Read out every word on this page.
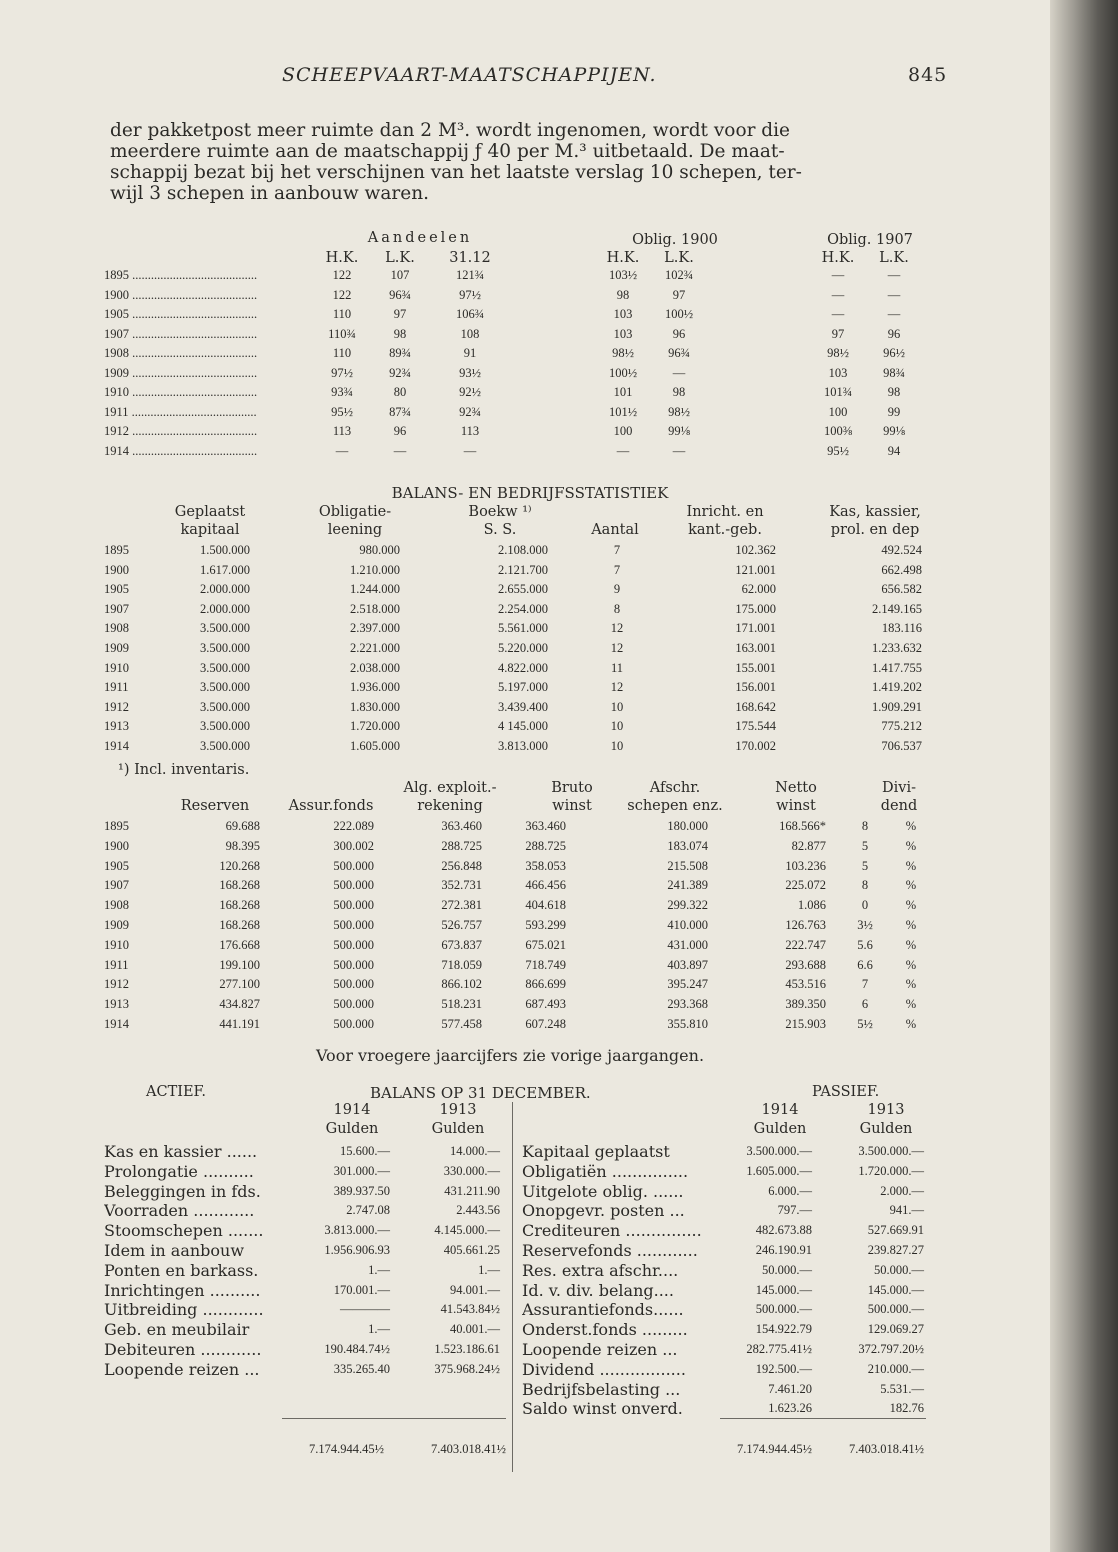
SCHEEPVAART-MAATSCHAPPIJEN.	845
der pakketpost meer ruimte dan 2 M³. wordt ingenomen, wordt voor die
meerdere ruimte aan de maatschappij ƒ 40 per M.³ uitbetaald. De maat-
schappij bezat bij het verschijnen van het laatste verslag 10 schepen, ter-
wijl 3 schepen in aanbouw waren.
Aandeelen	Oblig. 1900	Oblig. 1907
H.K.	L.K.	31.12	H.K.	L.K.	H.K.	L.K.
1895 ........................................	122	107	121¾	103½	102¾	—	—
1900 ........................................	122	96¾	97½	98	97	—	—
1905 ........................................	110	97	106¾	103	100½	—	—
1907 ........................................	110¾	98	108	103	96	97	96
1908 ........................................	110	89¾	91	98½	96¾	98½	96½
1909 ........................................	97½	92¾	93½	100½	—	103	98¾
1910 ........................................	93¾	80	92½	101	98	101¾	98
1911 ........................................	95½	87¾	92¾	101½	98½	100	99
1912 ........................................	113	96	113	100	99⅛	100⅜	99⅛
1914 ........................................	—	—	—	—	—	95½	94
BALANS- EN BEDRIJFSSTATISTIEK
Geplaatst
kapitaal
Obligatie-
leening
Boekw ¹⁾
S. S.	Aantal
Inricht. en
kant.-geb.
Kas, kassier,
prol. en dep
1895	1.500.000	980.000	2.108.000	7	102.362	492.524
1900	1.617.000	1.210.000	2.121.700	7	121.001	662.498
1905	2.000.000	1.244.000	2.655.000	9	62.000	656.582
1907	2.000.000	2.518.000	2.254.000	8	175.000	2.149.165
1908	3.500.000	2.397.000	5.561.000	12	171.001	183.116
1909	3.500.000	2.221.000	5.220.000	12	163.001	1.233.632
1910	3.500.000	2.038.000	4.822.000	11	155.001	1.417.755
1911	3.500.000	1.936.000	5.197.000	12	156.001	1.419.202
1912	3.500.000	1.830.000	3.439.400	10	168.642	1.909.291
1913	3.500.000	1.720.000	4 145.000	10	175.544	775.212
1914	3.500.000	1.605.000	3.813.000	10	170.002	706.537
¹) Incl. inventaris.
Reserven	Assur.fonds
Alg. exploit.-
rekening
Bruto
winst
Afschr.
schepen enz.
Netto
winst
Divi-
dend
1895	69.688	222.089	363.460	363.460	180.000	168.566*	8	%
1900	98.395	300.002	288.725	288.725	183.074	82.877	5	%
1905	120.268	500.000	256.848	358.053	215.508	103.236	5	%
1907	168.268	500.000	352.731	466.456	241.389	225.072	8	%
1908	168.268	500.000	272.381	404.618	299.322	1.086	0	%
1909	168.268	500.000	526.757	593.299	410.000	126.763	3½	%
1910	176.668	500.000	673.837	675.021	431.000	222.747	5.6	%
1911	199.100	500.000	718.059	718.749	403.897	293.688	6.6	%
1912	277.100	500.000	866.102	866.699	395.247	453.516	7	%
1913	434.827	500.000	518.231	687.493	293.368	389.350	6	%
1914	441.191	500.000	577.458	607.248	355.810	215.903	5½	%
Voor vroegere jaarcijfers zie vorige jaargangen.
ACTIEF.	BALANS OP 31 DECEMBER.	PASSIEF.
1914	1913
Gulden	Gulden
1914	1913
Gulden	Gulden
Kas en kassier ......	15.600.—	14.000.—
Prolongatie ..........	301.000.—	330.000.—
Beleggingen in fds.	389.937.50	431.211.90
Voorraden ............	2.747.08	2.443.56
Stoomschepen .......	3.813.000.—	4.145.000.—
Idem in aanbouw	1.956.906.93	405.661.25
Ponten en barkass.	1.—	1.—
Inrichtingen ..........	170.001.—	94.001.—
Uitbreiding ............	————	41.543.84½
Geb. en meubilair	1.—	40.001.—
Debiteuren ............	190.484.74½	1.523.186.61
Loopende reizen ...	335.265.40	375.968.24½
Kapitaal geplaatst	3.500.000.—	3.500.000.—
Obligatiën ...............	1.605.000.—	1.720.000.—
Uitgelote oblig. ......	6.000.—	2.000.—
Onopgevr. posten ...	797.—	941.—
Crediteuren ...............	482.673.88	527.669.91
Reservefonds ............	246.190.91	239.827.27
Res. extra afschr....	50.000.—	50.000.—
Id. v. div. belang....	145.000.—	145.000.—
Assurantiefonds......	500.000.—	500.000.—
Onderst.fonds .........	154.922.79	129.069.27
Loopende reizen ...	282.775.41½	372.797.20½
Dividend .................	192.500.—	210.000.—
Bedrijfsbelasting ...	7.461.20	5.531.—
Saldo winst onverd.	1.623.26	182.76
7.174.944.45½	7.403.018.41½	7.174.944.45½	7.403.018.41½
